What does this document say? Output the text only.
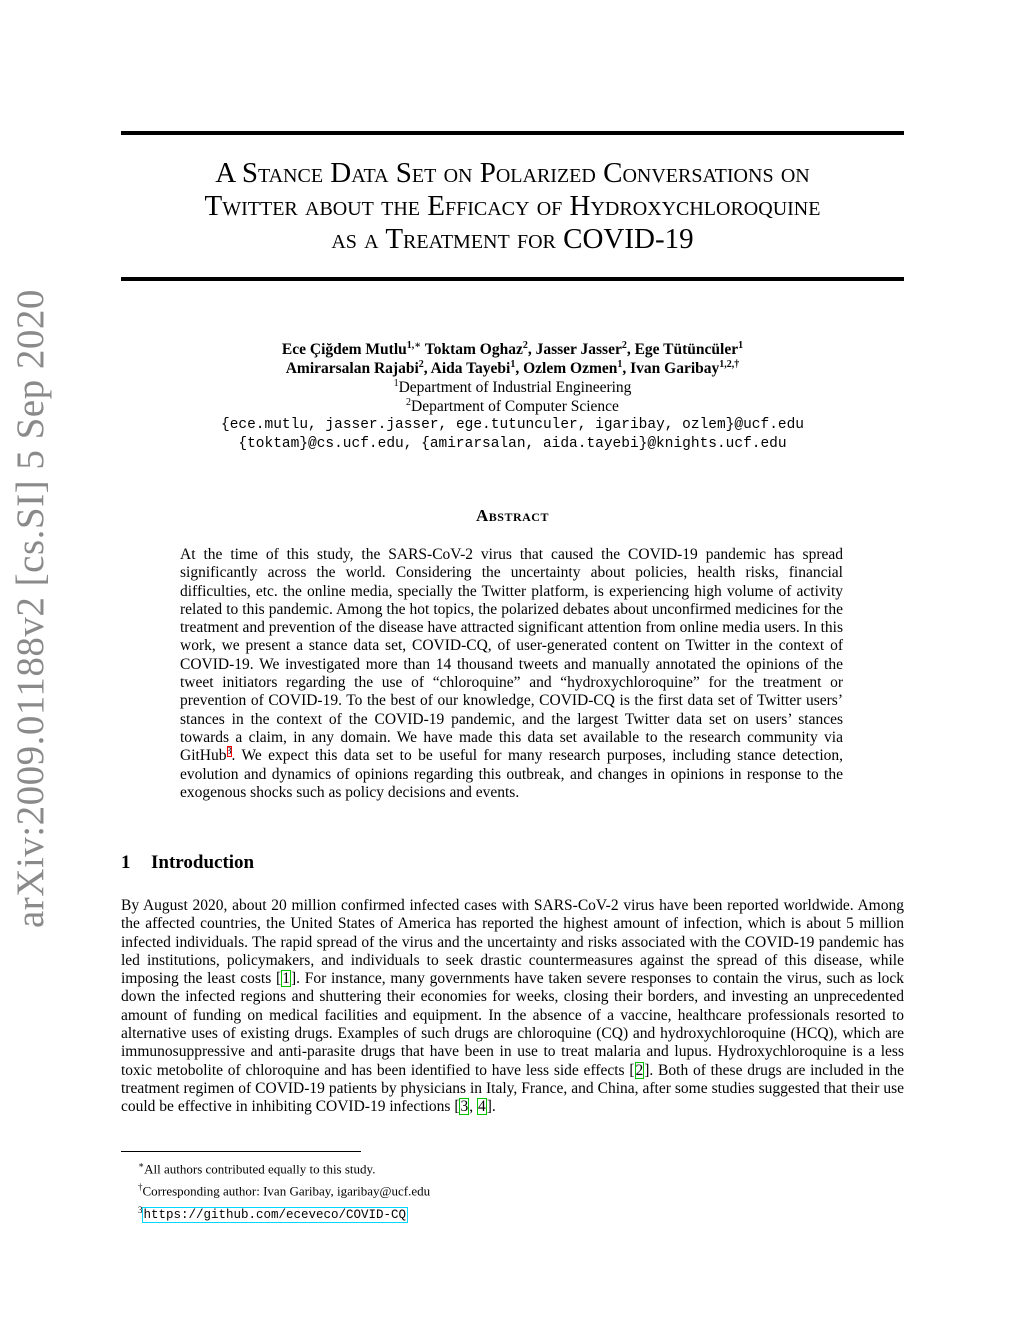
arXiv:2009.01188v2 [cs.SI] 5 Sep 2020
A Stance Data Set on Polarized Conversations on
Twitter about the Efficacy of Hydroxychloroquine
as a Treatment for COVID-19
Ece Çiğdem Mutlu$^{1,∗}$ Toktam Oghaz$^2$, Jasser Jasser$^2$, Ege Tütüncüler$^1$
Amirarsalan Rajabi$^2$, Aida Tayebi$^1$, Ozlem Ozmen$^1$, Ivan Garibay$^{1,2,\dagger}$
$^1$Department of Industrial Engineering
$^2$Department of Computer Science
{ece.mutlu, jasser.jasser, ege.tutunculer, igaribay, ozlem}@ucf.edu
{toktam}@cs.ucf.edu, {amirarsalan, aida.tayebi}@knights.ucf.edu
Abstract
At the time of this study, the SARS-CoV-2 virus that caused the COVID-19 pandemic has spread significantly across the world. Considering the uncertainty about policies, health risks, financial difficulties, etc. the online media, specially the Twitter platform, is experiencing high volume of activity related to this pandemic. Among the hot topics, the polarized debates about unconfirmed medicines for the treatment and prevention of the disease have attracted significant attention from online media users. In this work, we present a stance data set, COVID-CQ, of user-generated content on Twitter in the context of COVID-19. We investigated more than 14 thousand tweets and manually annotated the opinions of the tweet initiators regarding the use of “chloroquine” and “hydroxychloroquine” for the treatment or prevention of COVID-19. To the best of our knowledge, COVID-CQ is the first data set of Twitter users’ stances in the context of the COVID-19 pandemic, and the largest Twitter data set on users’ stances towards a claim, in any domain. We have made this data set available to the research community via GitHub$^3$. We expect this data set to be useful for many research purposes, including stance detection, evolution and dynamics of opinions regarding this outbreak, and changes in opinions in response to the exogenous shocks such as policy decisions and events.
1 Introduction
By August 2020, about 20 million confirmed infected cases with SARS-CoV-2 virus have been reported worldwide. Among the affected countries, the United States of America has reported the highest amount of infection, which is about 5 million infected individuals. The rapid spread of the virus and the uncertainty and risks associated with the COVID-19 pandemic has led institutions, policymakers, and individuals to seek drastic countermeasures against the spread of this disease, while imposing the least costs [1]. For instance, many governments have taken severe responses to contain the virus, such as lock down the infected regions and shuttering their economies for weeks, closing their borders, and investing an unprecedented amount of funding on medical facilities and equipment. In the absence of a vaccine, healthcare professionals resorted to alternative uses of existing drugs. Examples of such drugs are chloroquine (CQ) and hydroxychloroquine (HCQ), which are immunosuppressive and anti-parasite drugs that have been in use to treat malaria and lupus. Hydroxychloroquine is a less toxic metobolite of chloroquine and has been identified to have less side effects [2]. Both of these drugs are included in the treatment regimen of COVID-19 patients by physicians in Italy, France, and China, after some studies suggested that their use could be effective in inhibiting COVID-19 infections [3, 4].
∗All authors contributed equally to this study.
†Corresponding author: Ivan Garibay, igaribay@ucf.edu
$^3$https://github.com/eceveco/COVID-CQ
